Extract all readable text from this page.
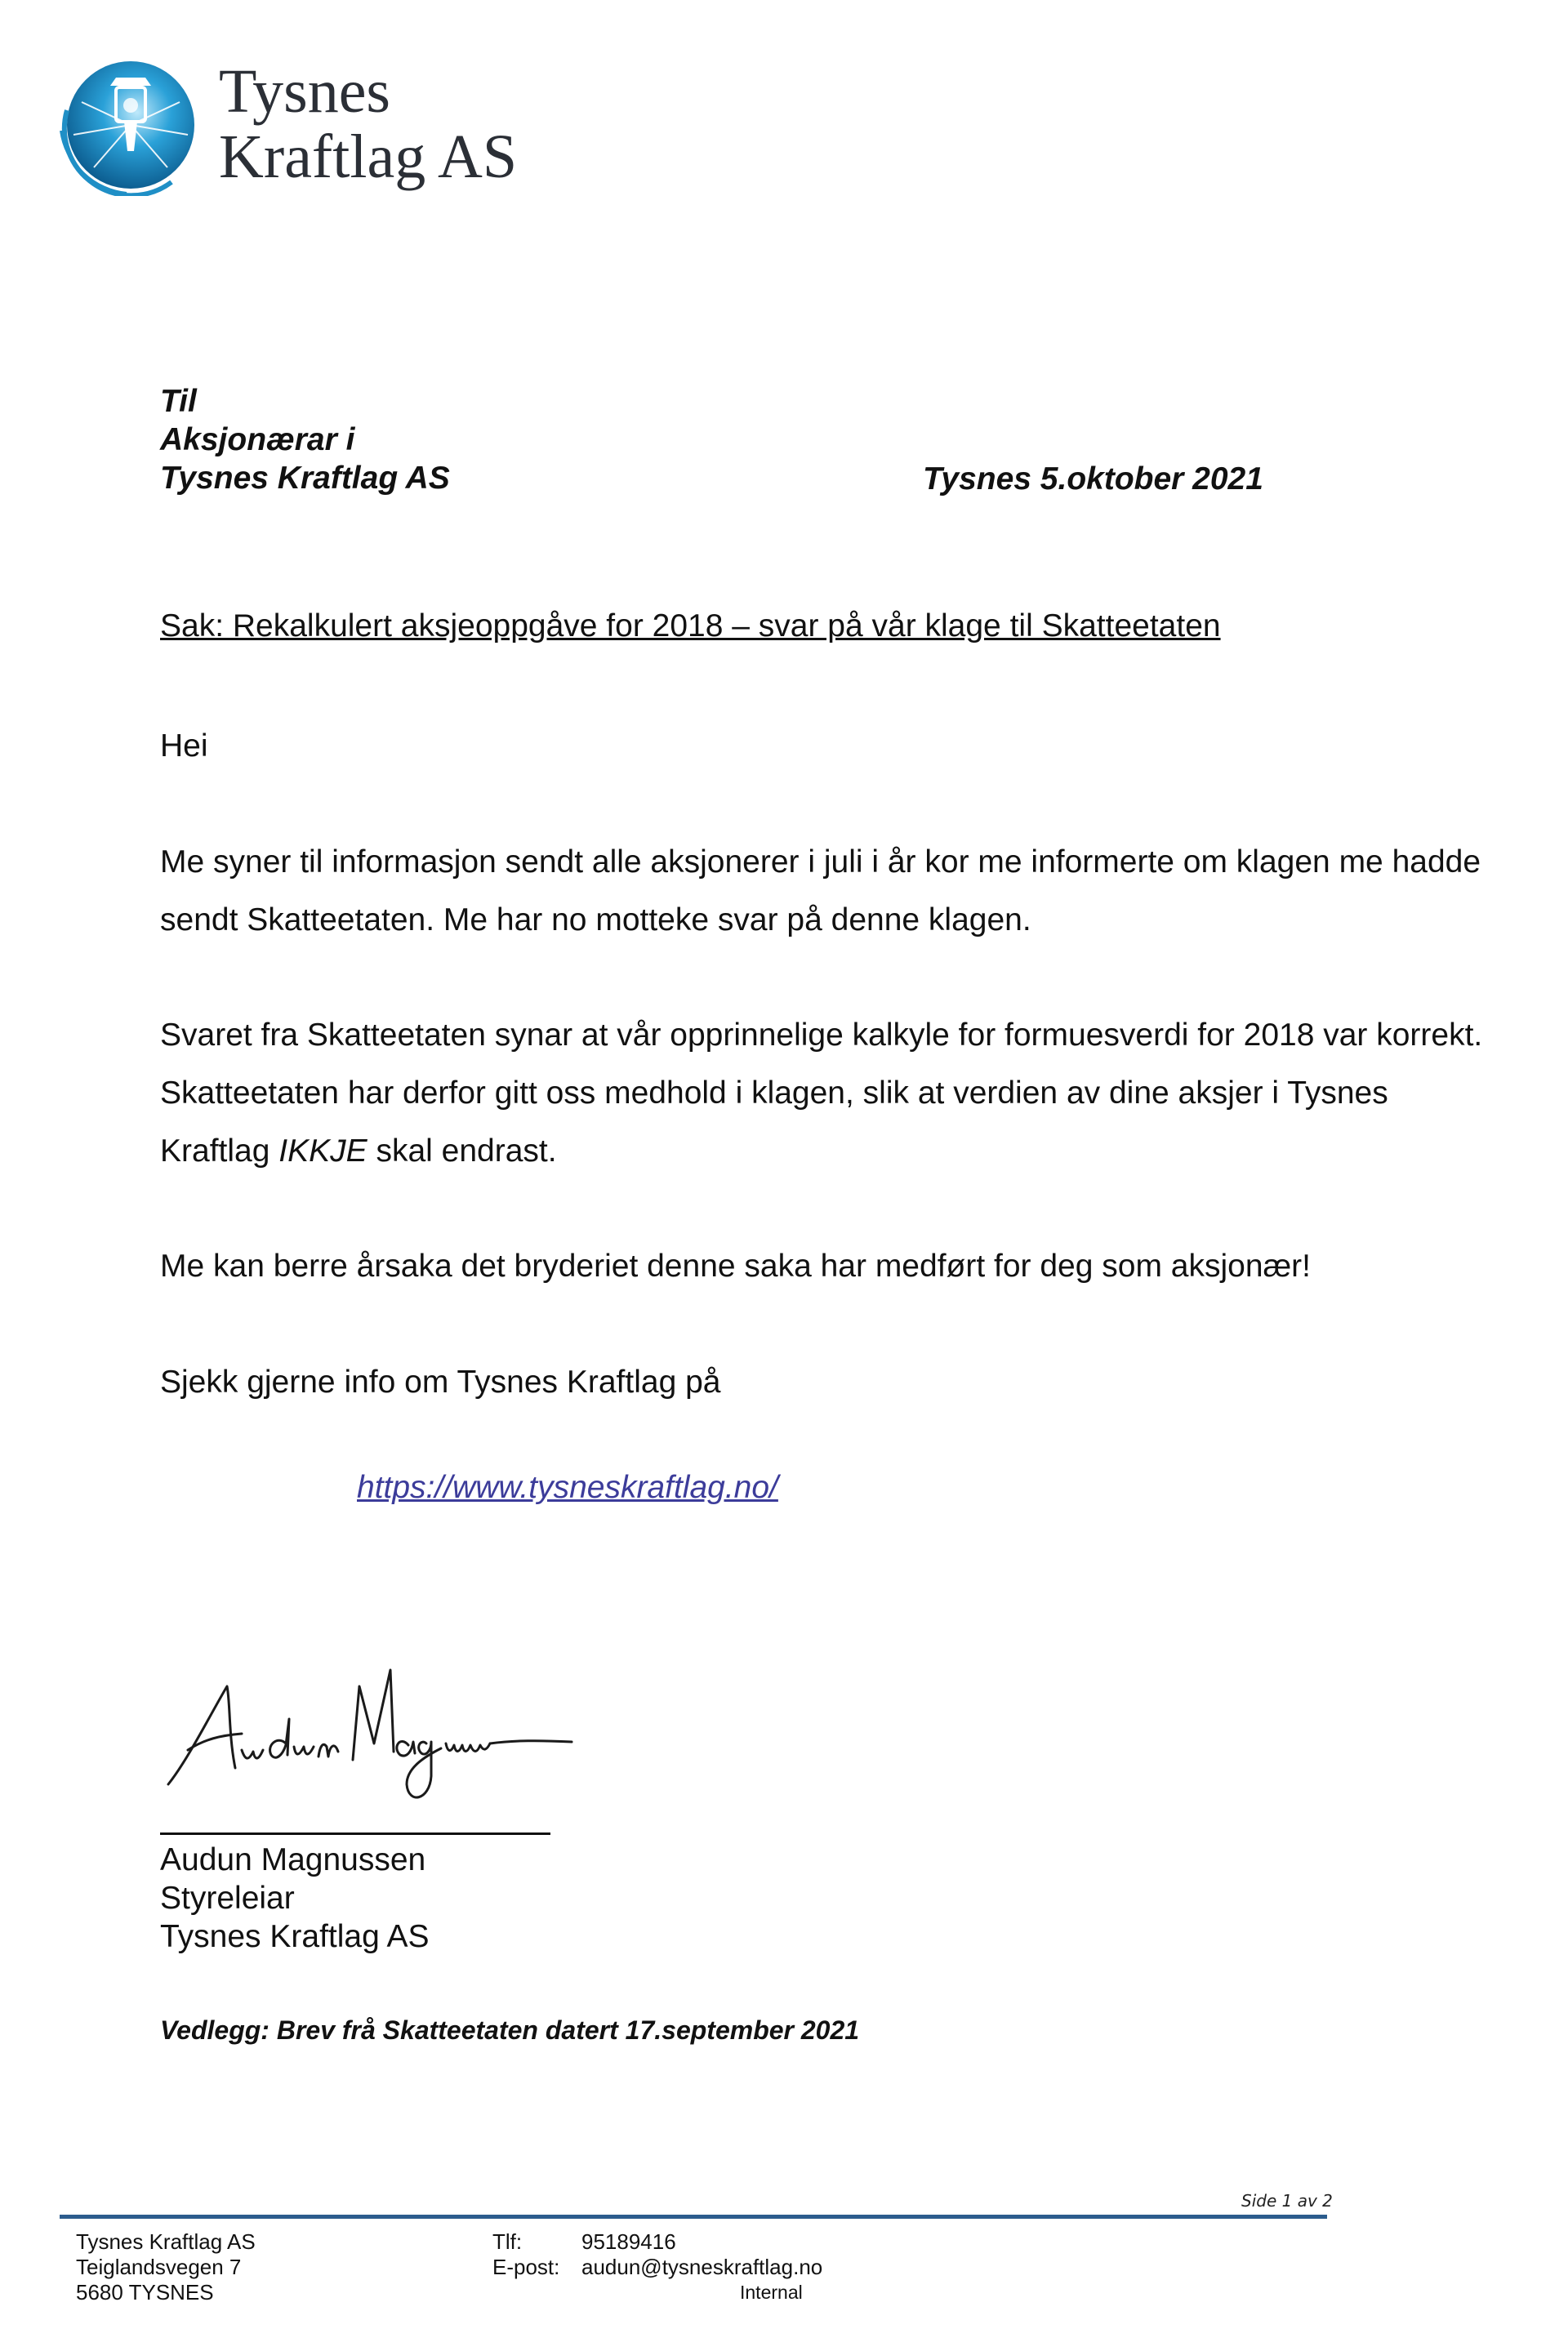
Tysnes
Kraftlag AS
Til
Aksjonærar i
Tysnes Kraftlag AS	Tysnes 5.oktober 2021
Sak: Rekalkulert aksjeoppgåve for 2018 – svar på vår klage til Skatteetaten
Hei
Me syner til informasjon sendt alle aksjonerer i juli i år kor me informerte om klagen me hadde sendt Skatteetaten. Me har no motteke svar på denne klagen.
Svaret fra Skatteetaten synar at vår opprinnelige kalkyle for formuesverdi for 2018 var korrekt. Skatteetaten har derfor gitt oss medhold i klagen, slik at verdien av dine aksjer i Tysnes Kraftlag IKKJE skal endrast.
Me kan berre årsaka det bryderiet denne saka har medført for deg som aksjonær!
Sjekk gjerne info om Tysnes Kraftlag på
https://www.tysneskraftlag.no/
Audun Magnussen
Styreleiar
Tysnes Kraftlag AS
Vedlegg: Brev frå Skatteetaten datert 17.september 2021
Side 1 av 2
Tysnes Kraftlag AS
Teiglandsvegen 7
5680 TYSNES
Tlf:
E-post:
95189416
audun@tysneskraftlag.no
Internal
